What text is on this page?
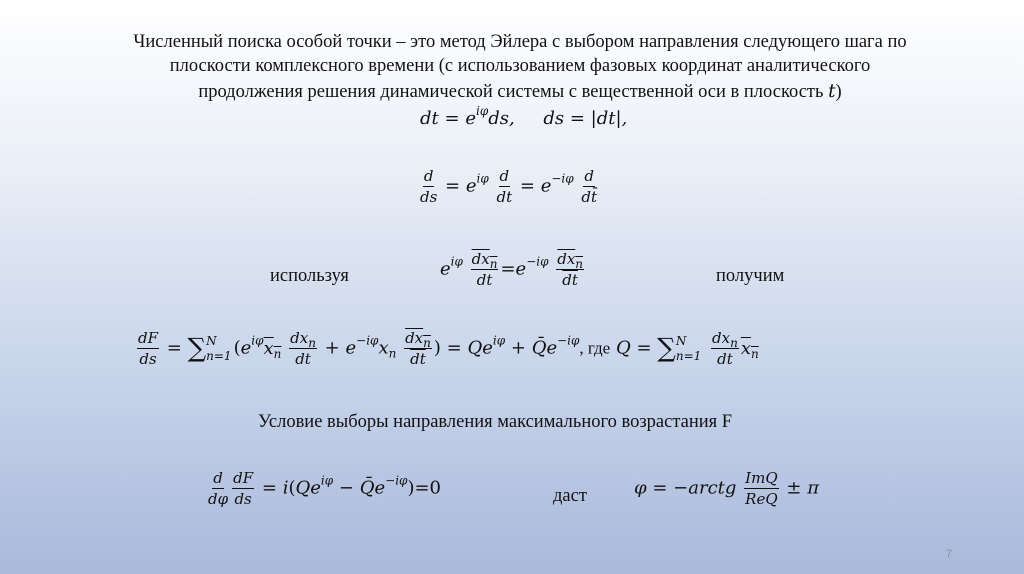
Численный поиска особой точки – это метод Эйлера с выбором направления следующего шага по
плоскости комплексного времени (с использованием фазовых координат аналитического

продолжения решения динамической системы с вещественной оси в плоскость t)
dt = $e^{i\varphi}ds$, ds = |dt|,
$\frac{d}{ds} = e^{i\varphi} \frac{d}{dt} = e^{-i\varphi} \frac{d}{dt̄}$
используя	$e^{i\varphi} \frac{dx_n}{dt} =e^{-i\varphi} \frac{dx_n}{dt}$	получим
$\frac{dF}{ds}$ = ∑ N
n=1 ($e^{i\varphi}x_n \frac{dx_n}{dt} + e^{-i\varphi}x_n \frac{dx_n}{dt}$ ) = $Qe^{i\varphi}$ + $Q̄e^{-i\varphi}$, где Q = ∑ N
n=1
$\frac{dx_n}{dt} x_n$
Условие выборы направления максимального возрастания F
$\frac{d}{d\varphi} \frac{dF}{ds} = i(Qe^{i\varphi}$ − $Q̄e^{-i\varphi})=0$	даст	φ = −arctg $\frac{\text{ImQ}}{\text{ReQ}} \pm \pi$
7
